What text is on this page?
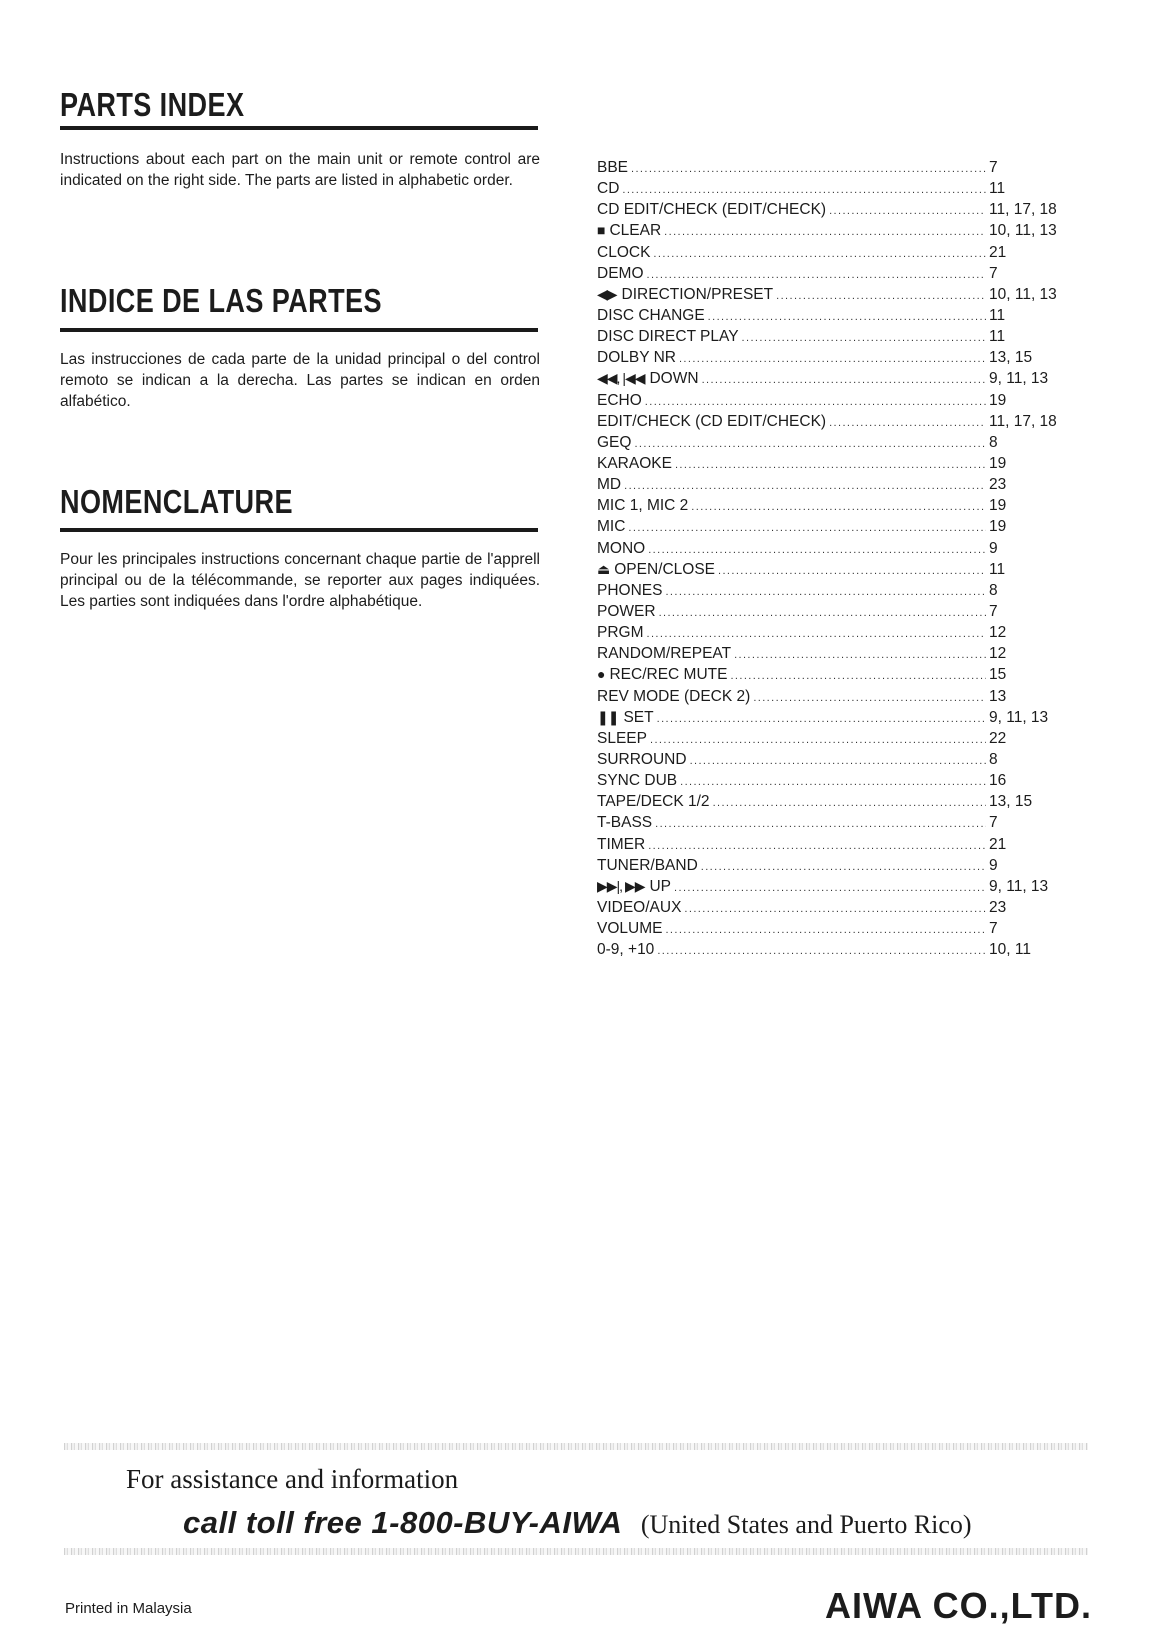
PARTS INDEX
Instructions about each part on the main unit or remote control are indicated on the right side. The parts are listed in alphabetic order.
INDICE DE LAS PARTES
Las instrucciones de cada parte de la unidad principal o del control remoto se indican a la derecha. Las partes se indican en orden alfabético.
NOMENCLATURE
Pour les principales instructions concernant chaque partie de l'apprell principal ou de la télécommande, se reporter aux pages indiquées. Les parties sont indiquées dans l'ordre alphabétique.
BBE .....	7
CD .....	11
CD EDIT/CHECK (EDIT/CHECK) .....	11, 17, 18
■ CLEAR .....	10, 11, 13
CLOCK .....	21
DEMO .....	7
◀▶ DIRECTION/PRESET .....	10, 11, 13
DISC CHANGE .....	11
DISC DIRECT PLAY .....	11
DOLBY NR .....	13, 15
◀◀, |◀◀ DOWN .....	9, 11, 13
ECHO .....	19
EDIT/CHECK (CD EDIT/CHECK) .....	11, 17, 18
GEQ .....	8
KARAOKE .....	19
MD .....	23
MIC 1, MIC 2 .....	19
MIC .....	19
MONO .....	9
⏏ OPEN/CLOSE .....	11
PHONES .....	8
POWER .....	7
PRGM .....	12
RANDOM/REPEAT .....	12
● REC/REC MUTE .....	15
REV MODE (DECK 2) .....	13
❚❚ SET .....	9, 11, 13
SLEEP .....	22
SURROUND .....	8
SYNC DUB .....	16
TAPE/DECK 1/2 .....	13, 15
T-BASS .....	7
TIMER .....	21
TUNER/BAND .....	9
▶▶|, ▶▶ UP .....	9, 11, 13
VIDEO/AUX .....	23
VOLUME .....	7
0-9, +10 .....	10, 11
For assistance and information
call toll free 1-800-BUY-AIWA (United States and Puerto Rico)
Printed in Malaysia	AIWA CO.,LTD.
